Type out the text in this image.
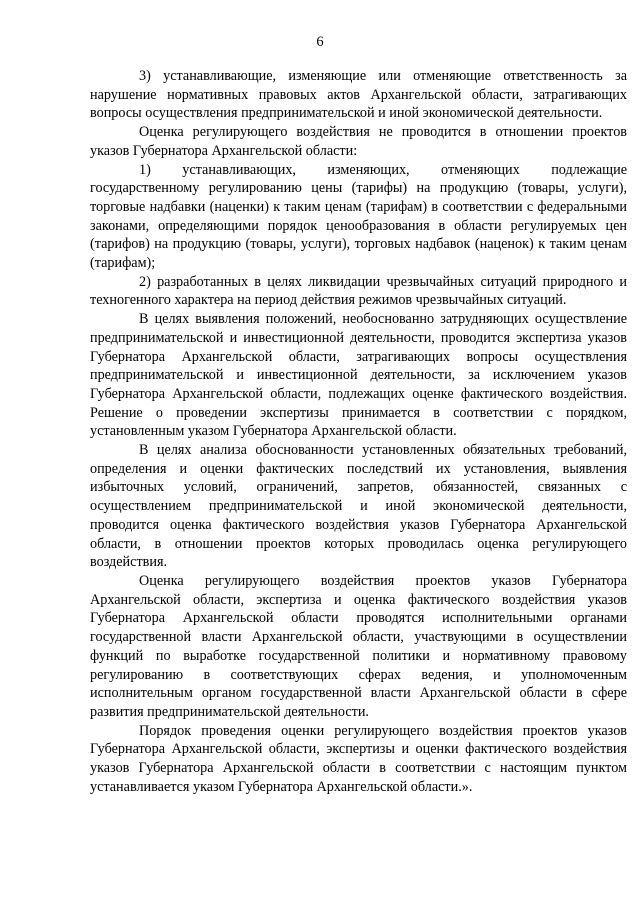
6

3) устанавливающие, изменяющие или отменяющие ответственность за нарушение нормативных правовых актов Архангельской области, затрагивающих вопросы осуществления предпринимательской и иной экономической деятельности.

Оценка регулирующего воздействия не проводится в отношении проектов указов Губернатора Архангельской области:

1) устанавливающих, изменяющих, отменяющих подлежащие государственному регулированию цены (тарифы) на продукцию (товары, услуги), торговые надбавки (наценки) к таким ценам (тарифам) в соответствии с федеральными законами, определяющими порядок ценообразования в области регулируемых цен (тарифов) на продукцию (товары, услуги), торговых надбавок (наценок) к таким ценам (тарифам);

2) разработанных в целях ликвидации чрезвычайных ситуаций природного и техногенного характера на период действия режимов чрезвычайных ситуаций.

В целях выявления положений, необоснованно затрудняющих осуществление предпринимательской и инвестиционной деятельности, проводится экспертиза указов Губернатора Архангельской области, затрагивающих вопросы осуществления предпринимательской и инвестиционной деятельности, за исключением указов Губернатора Архангельской области, подлежащих оценке фактического воздействия. Решение о проведении экспертизы принимается в соответствии с порядком, установленным указом Губернатора Архангельской области.

В целях анализа обоснованности установленных обязательных требований, определения и оценки фактических последствий их установления, выявления избыточных условий, ограничений, запретов, обязанностей, связанных с осуществлением предпринимательской и иной экономической деятельности, проводится оценка фактического воздействия указов Губернатора Архангельской области, в отношении проектов которых проводилась оценка регулирующего воздействия.

Оценка регулирующего воздействия проектов указов Губернатора Архангельской области, экспертиза и оценка фактического воздействия указов Губернатора Архангельской области проводятся исполнительными органами государственной власти Архангельской области, участвующими в осуществлении функций по выработке государственной политики и нормативному правовому регулированию в соответствующих сферах ведения, и уполномоченным исполнительным органом государственной власти Архангельской области в сфере развития предпринимательской деятельности.

Порядок проведения оценки регулирующего воздействия проектов указов Губернатора Архангельской области, экспертизы и оценки фактического воздействия указов Губернатора Архангельской области в соответствии с настоящим пунктом устанавливается указом Губернатора Архангельской области.».
